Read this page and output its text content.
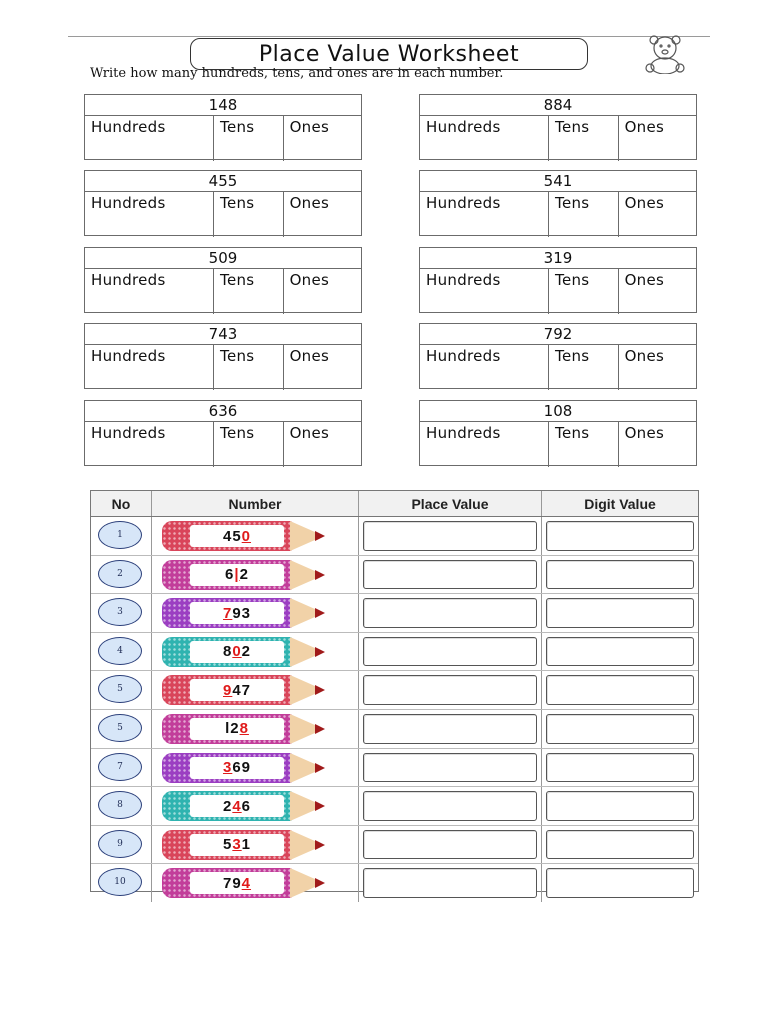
Place Value Worksheet
Write how many hundreds, tens, and ones are in each number.
148
Hundreds	Tens	Ones
884
Hundreds	Tens	Ones
455
Hundreds	Tens	Ones
541
Hundreds	Tens	Ones
509
Hundreds	Tens	Ones
319
Hundreds	Tens	Ones
743
Hundreds	Tens	Ones
792
Hundreds	Tens	Ones
636
Hundreds	Tens	Ones
108
Hundreds	Tens	Ones
No	Number	Place Value	Digit Value
1	45 0
2	6 | 2
3	7 93
4	8 0 2
5	9 47
5	l2 8
7	3 69
8	2 4 6
9	5 3 1
10	79 4
